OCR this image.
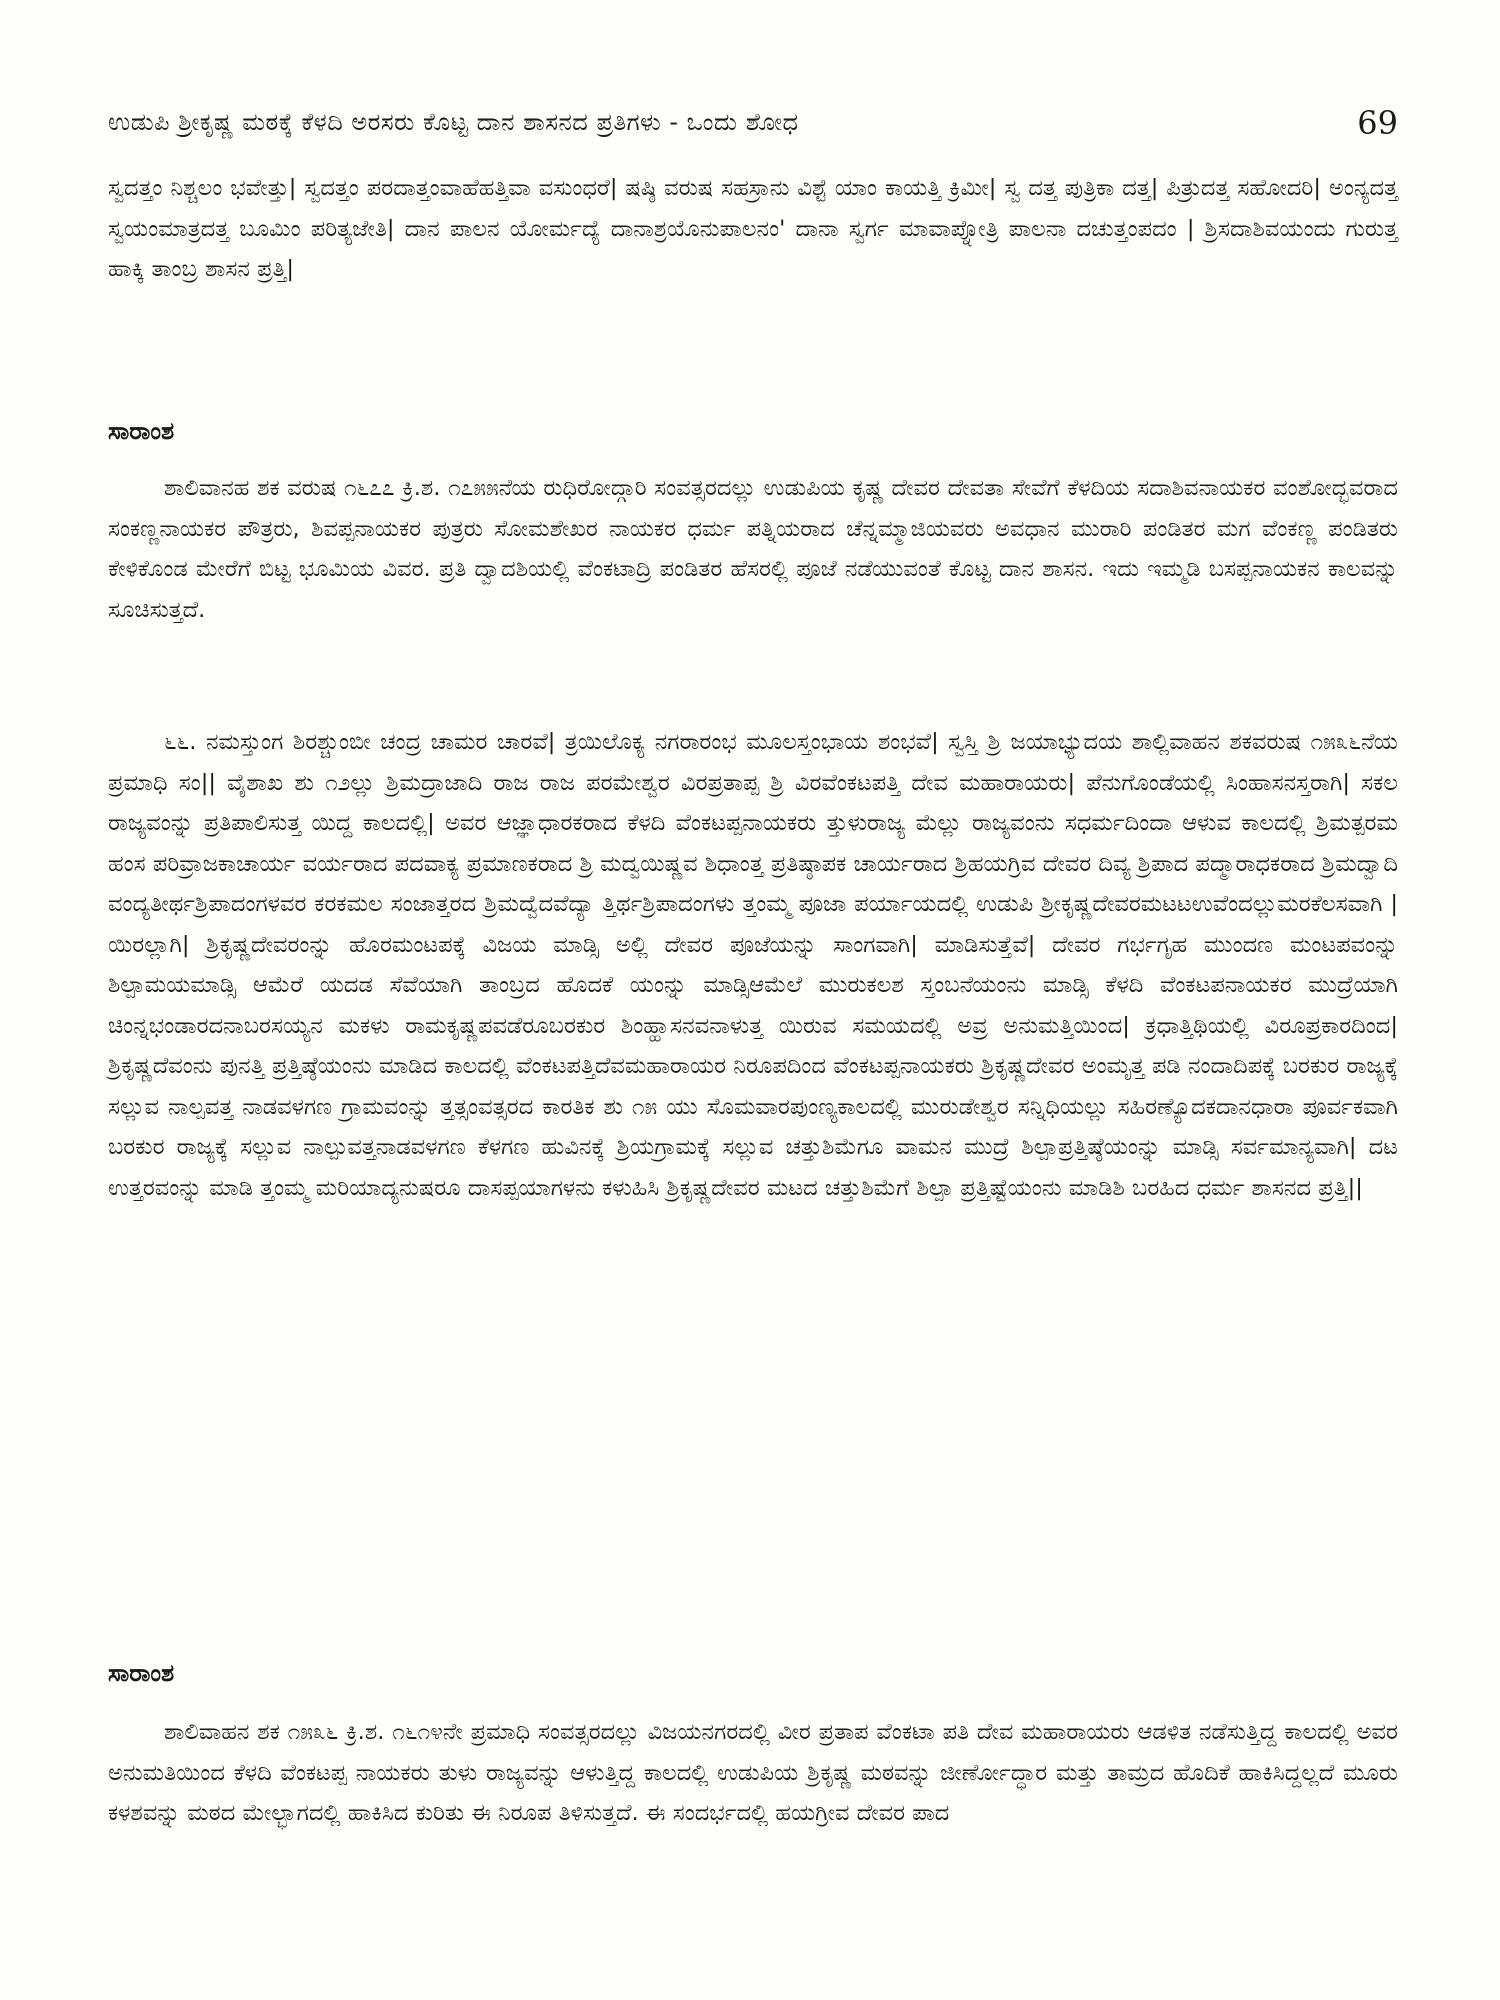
ಉಡುಪಿ ಶ್ರೀಕೃಷ್ಣ ಮಠಕ್ಕೆ ಕೆಳದಿ ಅರಸರು ಕೊಟ್ಟ ದಾನ ಶಾಸನದ ಪ್ರತಿಗಳು - ಒಂದು ಶೋಧ	69

ಸ್ವದತ್ತಂ ನಿಶ್ಚಲಂ ಭವೇತ್ತು| ಸ್ವದತ್ತಂ ಪರದಾತ್ತಂವಾಹೆಹತ್ತಿವಾ ವಸುಂಧರೆ| ಷಷ್ಠಿ ವರುಷ ಸಹಸ್ರಾನು ವಿಶ್ಟೆ ಯಾಂ ಕಾಯತ್ತಿ ಕ್ರಿಮೀ| ಸ್ವ ದತ್ತ ಪುತ್ರಿಕಾ ದತ್ತ| ಪಿತ್ರುದತ್ತ ಸಹೋದರಿ| ಅಂನ್ಯದತ್ತ ಸ್ವಯಂಮಾತ್ರದತ್ತ ಬೂಮಿಂ ಪರಿತ್ಯಜೇತಿ| ದಾನ ಪಾಲನ ಯೋರ್ಮದ್ಯೆ ದಾನಾಶ್ರಯೊನುಪಾಲನಂ' ದಾನಾ ಸ್ವರ್ಗ ಮಾವಾಪ್ನೋತ್ರಿ ಪಾಲನಾ ದಚುತ್ತಂಪದಂ | ಶ್ರಿಸದಾಶಿವಯಂದು ಗುರುತ್ತ ಹಾಕ್ಕಿ ತಾಂಬ್ರ ಶಾಸನ ಪ್ರತ್ತಿ|

ಸಾರಾಂಶ

ಶಾಲಿವಾನಹ ಶಕ ವರುಷ ೧೬೭೭ ಕ್ರಿ.ಶ. ೧೭೫೫ನೆಯ ರುಧಿರೋದ್ಗಾರಿ ಸಂವತ್ಸರದಲ್ಲು ಉಡುಪಿಯ ಕೃಷ್ಣ ದೇವರ ದೇವತಾ ಸೇವೆಗೆ ಕೆಳದಿಯ ಸದಾಶಿವನಾಯಕರ ವಂಶೋದ್ಭವರಾದ ಸಂಕಣ್ಣನಾಯಕರ ಪೌತ್ರರು, ಶಿವಪ್ಪನಾಯಕರ ಪುತ್ರರು ಸೋಮಶೇಖರ ನಾಯಕರ ಧರ್ಮ ಪತ್ನಿಯರಾದ ಚೆನ್ನಮ್ಮಾಜಿಯವರು ಅವಧಾನ ಮುರಾರಿ ಪಂಡಿತರ ಮಗ ವೆಂಕಣ್ಣ ಪಂಡಿತರು ಕೇಳಿಕೊಂಡ ಮೇರೆಗೆ ಬಿಟ್ಟ ಭೂಮಿಯ ವಿವರ. ಪ್ರತಿ ದ್ವಾದಶಿಯಲ್ಲಿ ವೆಂಕಟಾದ್ರಿ ಪಂಡಿತರ ಹೆಸರಲ್ಲಿ ಪೂಜೆ ನಡೆಯುವಂತೆ ಕೊಟ್ಟ ದಾನ ಶಾಸನ. ಇದು ಇಮ್ಮಡಿ ಬಸಪ್ಪನಾಯಕನ ಕಾಲವನ್ನು ಸೂಚಿಸುತ್ತದೆ.

೬೬. ನಮಸ್ತುಂಗ ಶಿರಶ್ಚುಂಬೀ ಚಂದ್ರ ಚಾಮರ ಚಾರವೆ| ತ್ರಯಿಲೊಕ್ಯ ನಗರಾರಂಭ ಮೂಲಸ್ತಂಭಾಯ ಶಂಭವೆ| ಸ್ವಸ್ತಿ ಶ್ರಿ ಜಯಾಭ್ಯುದಯ ಶಾಲ್ಲಿವಾಹನ ಶಕವರುಷ ೧೫೩೬ನೆಯ ಪ್ರಮಾಧಿ ಸಂ|| ವೈಶಾಖ ಶು ೧೨ಲ್ಲು ಶ್ರಿಮದ್ರಾಜಾದಿ ರಾಜ ರಾಜ ಪರಮೇಶ್ವರ ವಿರಪ್ರತಾಪ್ಪ ಶ್ರಿ ವಿರವೆಂಕಟಪತ್ತಿ ದೇವ ಮಹಾರಾಯರು| ಪೆನುಗೊಂಡೆಯಲ್ಲಿ ಸಿಂಹಾಸನಸ್ತರಾಗಿ| ಸಕಲ ರಾಜ್ಯವಂನ್ನು ಪ್ರತಿಪಾಲಿಸುತ್ತ ಯಿದ್ದ ಕಾಲದಲ್ಲಿ| ಅವರ ಆಜ್ಞಾಧಾರಕರಾದ ಕೆಳದಿ ವೆಂಕಟಪ್ಪನಾಯಕರು ತ್ತುಳುರಾಜ್ಯ ಮೆಲ್ಲು ರಾಜ್ಯವಂನು ಸಧರ್ಮದಿಂದಾ ಆಳುವ ಕಾಲದಲ್ಲಿ ಶ್ರಿಮತ್ಪರಮ ಹಂಸ ಪರಿವ್ರಾಜಕಾಚಾರ್ಯ ವರ್ಯರಾದ ಪದವಾಕ್ಯ ಪ್ರಮಾಣಕರಾದ ಶ್ರಿ ಮದ್ವಯಿಷ್ಣವ ಶಿಧಾಂತ್ತ ಪ್ರತಿಷ್ಠಾಪಕ ಚಾರ್ಯರಾದ ಶ್ರಿಹಯಗ್ರಿವ ದೇವರ ದಿವ್ಯ ಶ್ರಿಪಾದ ಪದ್ಮಾರಾಧಕರಾದ ಶ್ರಿಮದ್ವಾದಿ ವಂದ್ಯತೀರ್ಥಶ್ರಿಪಾದಂಗಳವರ ಕರಕಮಲ ಸಂಜಾತ್ತರದ ಶ್ರಿಮದ್ವೆದವೆದ್ಯಾ ತ್ತಿರ್ಥಶ್ರಿಪಾದಂಗಳು ತ್ತಂಮ್ಮ ಪೂಜಾ ಪರ್ಯಾಯದಲ್ಲಿ ಉಡುಪಿ ಶ್ರೀಕೃಷ್ಣದೇವರಮಟಟಉವೆಂದಲ್ಲುಮರಕೆಲಸವಾಗಿ | ಯಿರಲ್ಲಾಗಿ| ಶ್ರಿಕೃಷ್ಣದೇವರಂನ್ನು ಹೊರಮಂಟಪಕ್ಕೆ ವಿಜಯ ಮಾಡ್ಸಿ ಅಲ್ಲಿ ದೇವರ ಪೂಜೆಯನ್ನು ಸಾಂಗವಾಗಿ| ಮಾಡಿಸುತ್ತೆವೆ| ದೇವರ ಗರ್ಭಗೃಹ ಮುಂದಣ ಮಂಟಪವಂನ್ನು ಶಿಲ್ಪಾಮಯಮಾಡ್ಸಿ ಆಮೆರೆ ಯದಡ ಸೆವೆಯಾಗಿ ತಾಂಬ್ರದ ಹೊದಕೆ ಯಂನ್ನು ಮಾಡ್ಸಿಆಮೆಲೆ ಮುರುಕಲಶ ಸ್ತಂಬನೆಯಂನು ಮಾಡ್ಸಿ ಕೆಳದಿ ವೆಂಕಟಪನಾಯಕರ ಮುದ್ರೆಯಾಗಿ ಚಿಂನ್ನಭಂಡಾರದನಾಬರಸಯ್ಯನ ಮಕಳು ರಾಮಕೃಷ್ಣಪವಡೆರೂಬರಕುರ ಶಿಂಹ್ಹಾಸನವನಾಳುತ್ತ ಯಿರುವ ಸಮಯದಲ್ಲಿ ಅವ್ರ ಅನುಮತ್ತಿಯಿಂದ| ಕ್ರಧಾತ್ತಿಥಿಯಲ್ಲಿ ವಿರೂಪ್ರಕಾರದಿಂದ| ಶ್ರಿಕೃಷ್ಣದೆವಂನು ಪುನತ್ತಿ ಪ್ರತ್ತಿಷ್ಠೆಯಂನು ಮಾಡಿದ ಕಾಲದಲ್ಲಿ ವೆಂಕಟಪತ್ತಿದೆವಮಹಾರಾಯರ ನಿರೂಪದಿಂದ ವೆಂಕಟಪ್ಪನಾಯಕರು ಶ್ರಿಕೃಷ್ಣದೇವರ ಅಂಮೃತ್ತ ಪಡಿ ನಂದಾದಿಪಕ್ಕೆ ಬರಕುರ ರಾಜ್ಯಕ್ಕೆ ಸಲ್ಲುವ ನಾಲ್ಪವತ್ತ ನಾಡವಳಗಣ ಗ್ರಾಮವಂನ್ನು ತ್ತತ್ಸಂವತ್ಸರದ ಕಾರತಿಕ ಶು ೧೫ ಯು ಸೊಮವಾರಪುಂಣ್ಯಕಾಲದಲ್ಲಿ ಮುರುಡೇಶ್ವರ ಸನ್ನಿಧಿಯಲ್ಲು ಸಹಿರಣ್ಯೊದಕದಾನಧಾರಾ ಪೂರ್ವಕವಾಗಿ ಬರಕುರ ರಾಜ್ಯಕ್ಕೆ ಸಲ್ಲುವ ನಾಲ್ಪುವತ್ತನಾಡವಳಗಣ ಕೆಳಗಣ ಹುವಿನಕ್ಕೆ ಶ್ರಿಯಗ್ರಾಮಕ್ಕೆ ಸಲ್ಲುವ ಚತ್ತುಶಿಮೆಗೂ ವಾಮನ ಮುದ್ರೆ ಶಿಲ್ಪಾಪ್ರತ್ತಿಷ್ಠೆಯಂನ್ನು ಮಾಡ್ಸಿ ಸರ್ವಮಾನ್ಯವಾಗಿ| ದಟ ಉತ್ತರವಂನ್ನು ಮಾಡಿ ತ್ತಂಮ್ಮ ಮರಿಯಾದ್ಯನುಷರೂ ದಾಸಪ್ಪಯಾಗಳನು ಕಳುಹಿಸಿ ಶ್ರಿಕೃಷ್ಣದೇವರ ಮಟದ ಚತ್ತುಶಿಮೆಗೆ ಶಿಲ್ಪಾ ಪ್ರತ್ತಿಷ್ಟೆಯಂನು ಮಾಡಿಶಿ ಬರಹಿದ ಧರ್ಮ ಶಾಸನದ ಪ್ರತ್ತಿ||

ಸಾರಾಂಶ

ಶಾಲಿವಾಹನ ಶಕ ೧೫೩೬ ಕ್ರಿ.ಶ. ೧೬೧೪ನೇ ಪ್ರಮಾಧಿ ಸಂವತ್ಸರದಲ್ಲು ವಿಜಯನಗರದಲ್ಲಿ ವೀರ ಪ್ರತಾಪ ವೆಂಕಟಾ ಪತಿ ದೇವ ಮಹಾರಾಯರು ಆಡಳಿತ ನಡೆಸುತ್ತಿದ್ದ ಕಾಲದಲ್ಲಿ ಅವರ ಅನುಮತಿಯಿಂದ ಕೆಳದಿ ವೆಂಕಟಪ್ಪ ನಾಯಕರು ತುಳು ರಾಜ್ಯವನ್ನು ಆಳುತ್ತಿದ್ದ ಕಾಲದಲ್ಲಿ ಉಡುಪಿಯ ಶ್ರಿಕೃಷ್ಣ ಮಠವನ್ನು ಜೀರ್ಣೋದ್ಧಾರ ಮತ್ತು ತಾಮ್ರದ ಹೊದಿಕೆ ಹಾಕಿಸಿದ್ದಲ್ಲದೆ ಮೂರು ಕಳಶವನ್ನು ಮಠದ ಮೇಲ್ಭಾಗದಲ್ಲಿ ಹಾಕಿಸಿದ ಕುರಿತು ಈ ನಿರೂಪ ತಿಳಿಸುತ್ತದೆ. ಈ ಸಂದರ್ಭದಲ್ಲಿ ಹಯಗ್ರೀವ ದೇವರ ಪಾದ
